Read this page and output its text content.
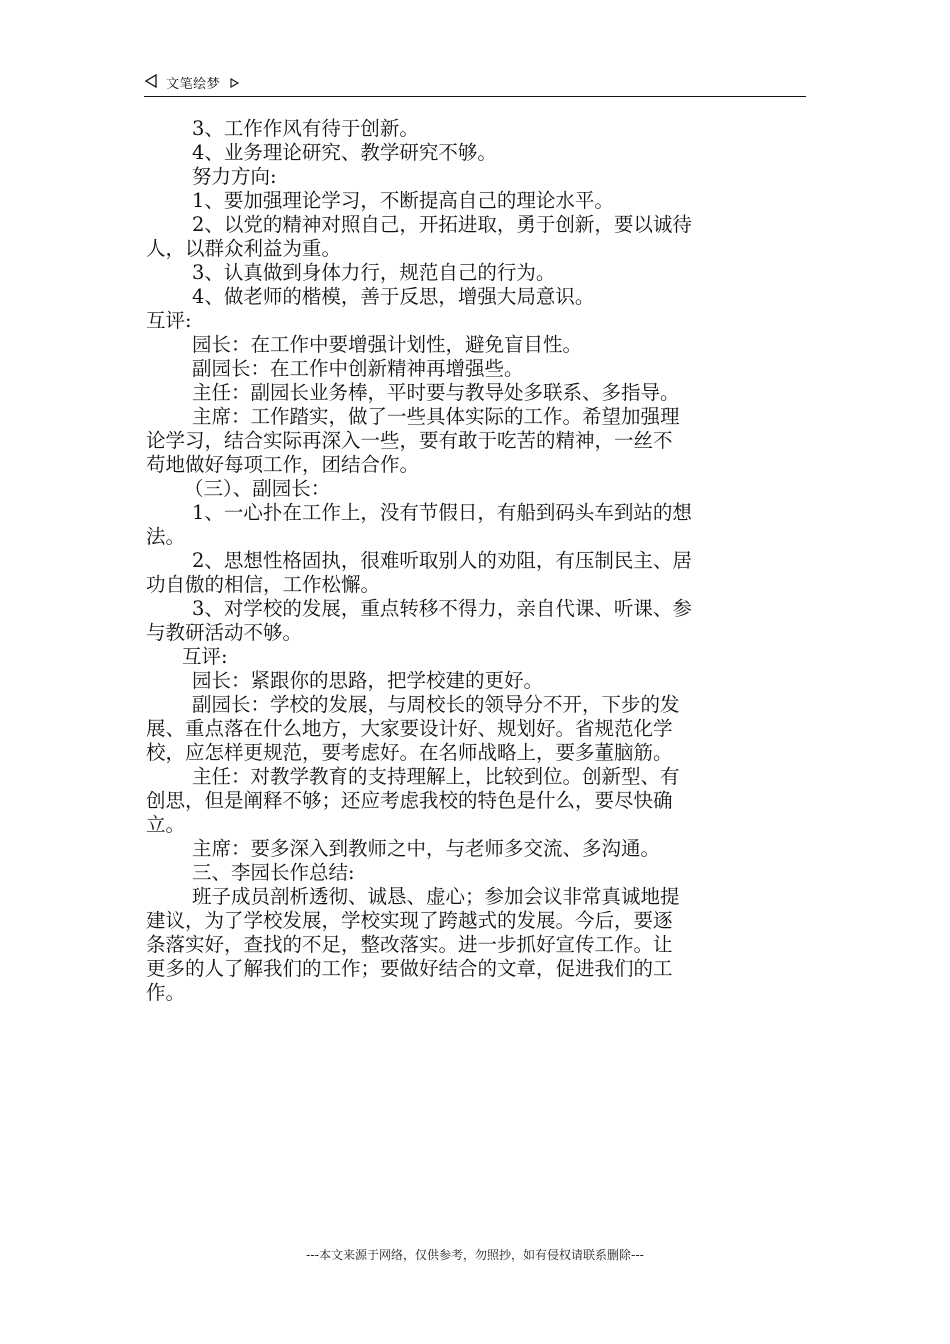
文笔绘梦
3、工作作风有待于创新。
4、业务理论研究、教学研究不够。
努力方向:
1、要加强理论学习，不断提高自己的理论水平。
2、以党的精神对照自己，开拓进取，勇于创新，要以诚待
人，以群众利益为重。
3、认真做到身体力行，规范自己的行为。
4、做老师的楷模，善于反思，增强大局意识。
互评:
园长：在工作中要增强计划性，避免盲目性。
副园长：在工作中创新精神再增强些。
主任：副园长业务棒，平时要与教导处多联系、多指导。
主席：工作踏实，做了一些具体实际的工作。希望加强理
论学习，结合实际再深入一些，要有敢于吃苦的精神，一丝不
苟地做好每项工作，团结合作。
（三）、副园长：
1、一心扑在工作上，没有节假日，有船到码头车到站的想
法。
2、思想性格固执，很难听取别人的劝阻，有压制民主、居
功自傲的相信，工作松懈。
3、对学校的发展，重点转移不得力，亲自代课、听课、参
与教研活动不够。
互评:
园长：紧跟你的思路，把学校建的更好。
副园长：学校的发展，与周校长的领导分不开，下步的发
展、重点落在什么地方，大家要设计好、规划好。省规范化学
校，应怎样更规范，要考虑好。在名师战略上，要多董脑筋。
主任：对教学教育的支持理解上，比较到位。创新型、有
创思，但是阐释不够；还应考虑我校的特色是什么，要尽快确
立。
主席：要多深入到教师之中，与老师多交流、多沟通。
三、李园长作总结:
班子成员剖析透彻、诚恳、虚心；参加会议非常真诚地提
建议，为了学校发展，学校实现了跨越式的发展。今后，要逐
条落实好，查找的不足，整改落实。进一步抓好宣传工作。让
更多的人了解我们的工作；要做好结合的文章，促进我们的工
作。
---本文来源于网络，仅供参考，勿照抄，如有侵权请联系删除---
